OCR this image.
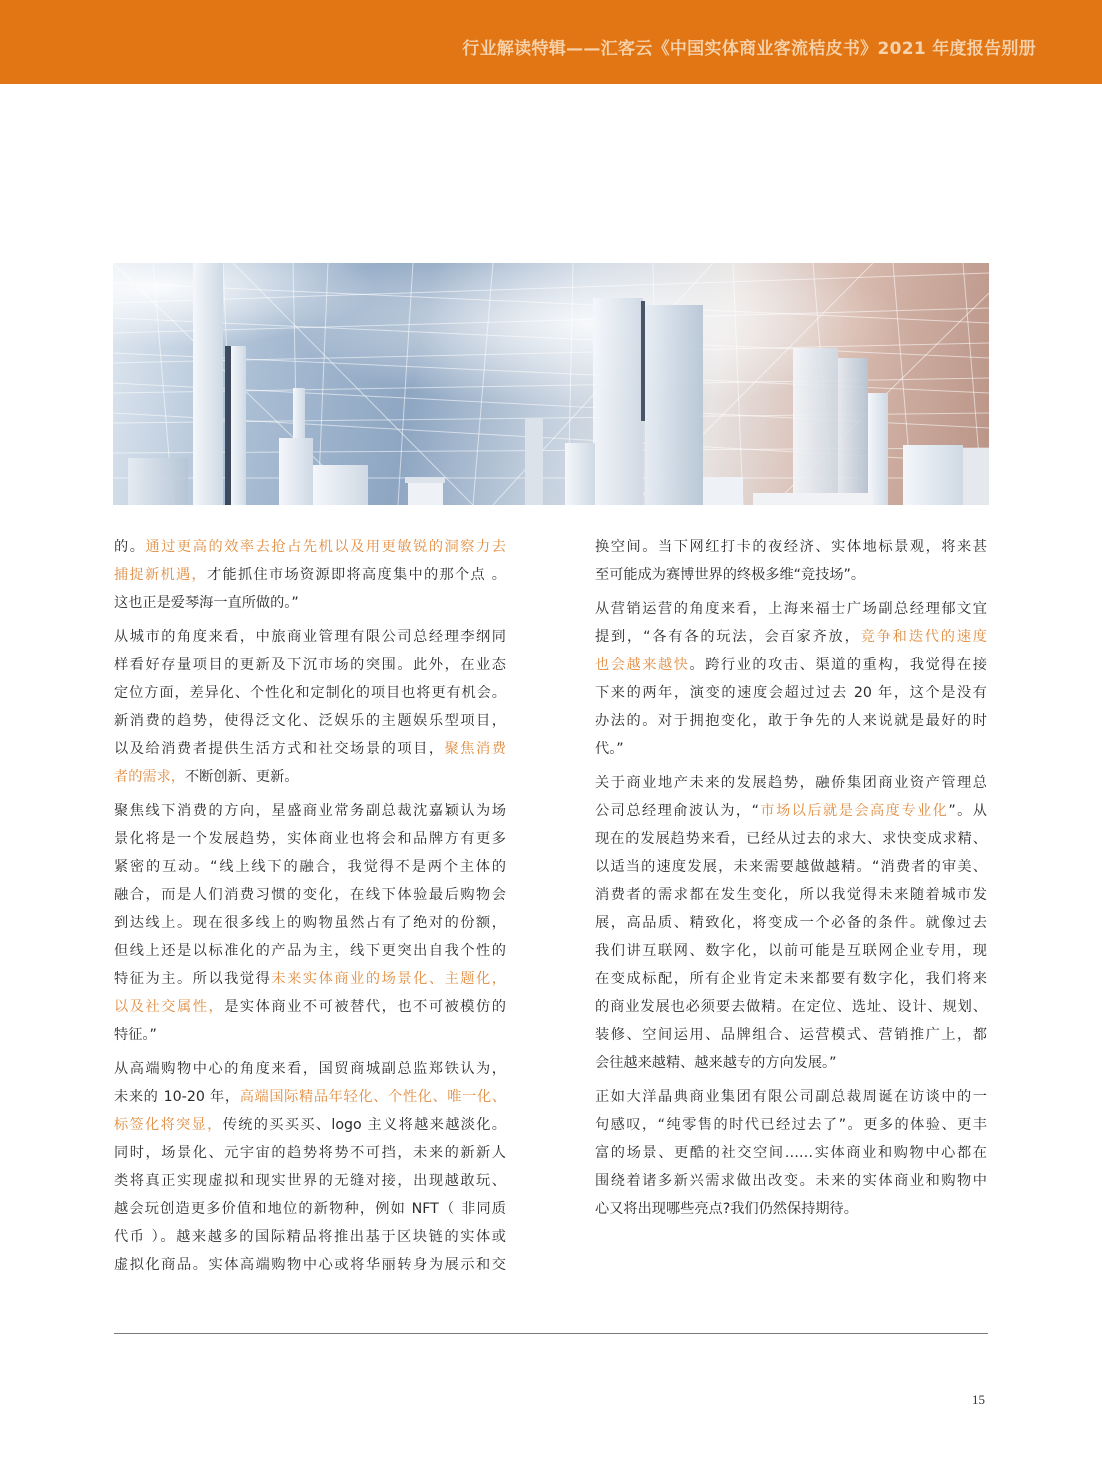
行业解读特辑——汇客云《中国实体商业客流桔皮书》2021 年度报告别册

的。通过更高的效率去抢占先机以及用更敏锐的洞察力去
捕捉新机遇，才能抓住市场资源即将高度集中的那个点 。
这也正是爱琴海一直所做的。”

从城市的角度来看，中旅商业管理有限公司总经理李纲同
样看好存量项目的更新及下沉市场的突围。此外，在业态
定位方面，差异化、个性化和定制化的项目也将更有机会。
新消费的趋势，使得泛文化、泛娱乐的主题娱乐型项目，
以及给消费者提供生活方式和社交场景的项目，聚焦消费
者的需求，不断创新、更新。

聚焦线下消费的方向，星盛商业常务副总裁沈嘉颖认为场
景化将是一个发展趋势，实体商业也将会和品牌方有更多
紧密的互动。“线上线下的融合，我觉得不是两个主体的
融合，而是人们消费习惯的变化，在线下体验最后购物会
到达线上。现在很多线上的购物虽然占有了绝对的份额，
但线上还是以标准化的产品为主，线下更突出自我个性的
特征为主。所以我觉得未来实体商业的场景化、主题化，
以及社交属性，是实体商业不可被替代，也不可被模仿的
特征。”

从高端购物中心的角度来看，国贸商城副总监郑铁认为，
未来的 10-20 年，高端国际精品年轻化、个性化、唯一化、
标签化将突显，传统的买买买、logo 主义将越来越淡化。
同时，场景化、元宇宙的趋势将势不可挡，未来的新新人
类将真正实现虚拟和现实世界的无缝对接，出现越敢玩、
越会玩创造更多价值和地位的新物种，例如 NFT（ 非同质
代币 ）。越来越多的国际精品将推出基于区块链的实体或
虚拟化商品。实体高端购物中心或将华丽转身为展示和交

换空间。当下网红打卡的夜经济、实体地标景观，将来甚
至可能成为赛博世界的终极多维“竞技场”。

从营销运营的角度来看，上海来福士广场副总经理郁文宜
提到，“各有各的玩法，会百家齐放，竞争和迭代的速度
也会越来越快。跨行业的攻击、渠道的重构，我觉得在接
下来的两年，演变的速度会超过过去 20 年，这个是没有
办法的。对于拥抱变化，敢于争先的人来说就是最好的时
代。”

关于商业地产未来的发展趋势，融侨集团商业资产管理总
公司总经理俞波认为，“市场以后就是会高度专业化”。从
现在的发展趋势来看，已经从过去的求大、求快变成求精、
以适当的速度发展，未来需要越做越精。“消费者的审美、
消费者的需求都在发生变化，所以我觉得未来随着城市发
展，高品质、精致化，将变成一个必备的条件。就像过去
我们讲互联网、数字化，以前可能是互联网企业专用，现
在变成标配，所有企业肯定未来都要有数字化，我们将来
的商业发展也必须要去做精。在定位、选址、设计、规划、
装修、空间运用、品牌组合、运营模式、营销推广上，都
会往越来越精、越来越专的方向发展。”

正如大洋晶典商业集团有限公司副总裁周诞在访谈中的一
句感叹，“纯零售的时代已经过去了”。更多的体验、更丰
富的场景、更酷的社交空间……实体商业和购物中心都在
围绕着诸多新兴需求做出改变。未来的实体商业和购物中
心又将出现哪些亮点?我们仍然保持期待。

15
